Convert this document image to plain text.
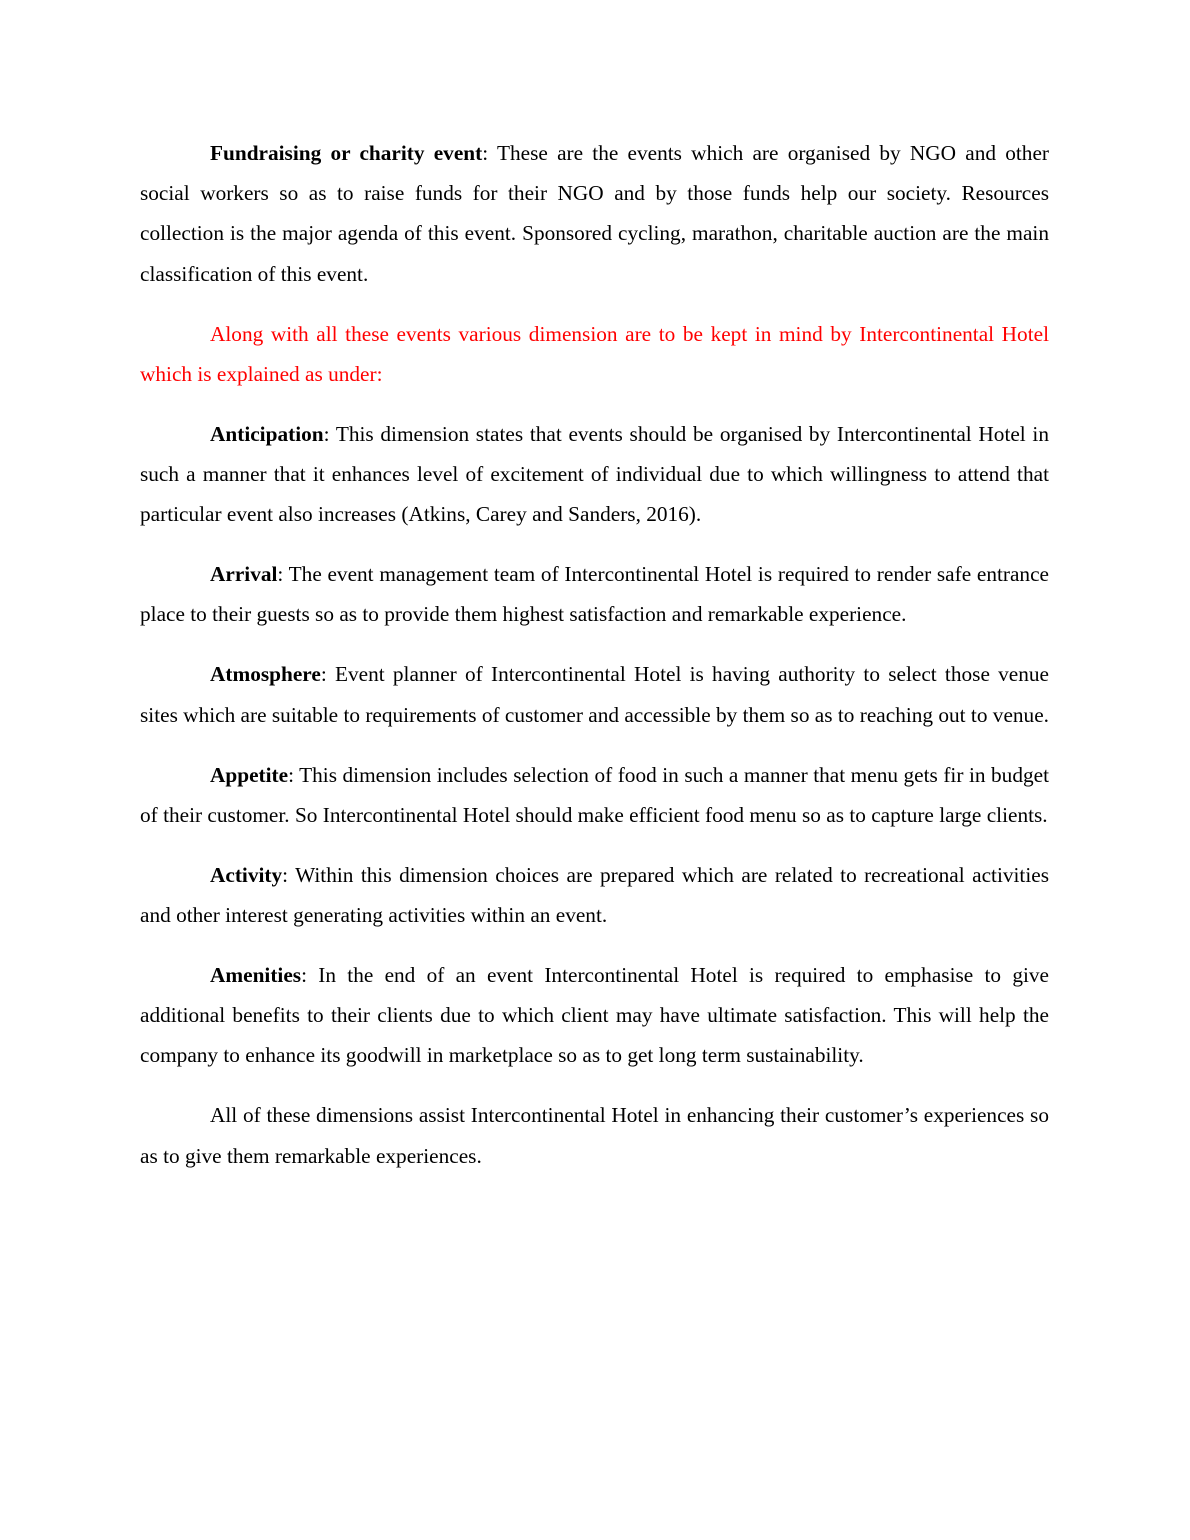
Fundraising or charity event: These are the events which are organised by NGO and other social workers so as to raise funds for their NGO and by those funds help our society. Resources collection is the major agenda of this event. Sponsored cycling, marathon, charitable auction are the main classification of this event.

Along with all these events various dimension are to be kept in mind by Intercontinental Hotel which is explained as under:

Anticipation: This dimension states that events should be organised by Intercontinental Hotel in such a manner that it enhances level of excitement of individual due to which willingness to attend that particular event also increases (Atkins, Carey and Sanders, 2016).

Arrival: The event management team of Intercontinental Hotel is required to render safe entrance place to their guests so as to provide them highest satisfaction and remarkable experience.

Atmosphere: Event planner of Intercontinental Hotel is having authority to select those venue sites which are suitable to requirements of customer and accessible by them so as to reaching out to venue.

Appetite: This dimension includes selection of food in such a manner that menu gets fir in budget of their customer. So Intercontinental Hotel should make efficient food menu so as to capture large clients.

Activity: Within this dimension choices are prepared which are related to recreational activities and other interest generating activities within an event.

Amenities: In the end of an event Intercontinental Hotel is required to emphasise to give additional benefits to their clients due to which client may have ultimate satisfaction. This will help the company to enhance its goodwill in marketplace so as to get long term sustainability.

All of these dimensions assist Intercontinental Hotel in enhancing their customer’s experiences so as to give them remarkable experiences.
